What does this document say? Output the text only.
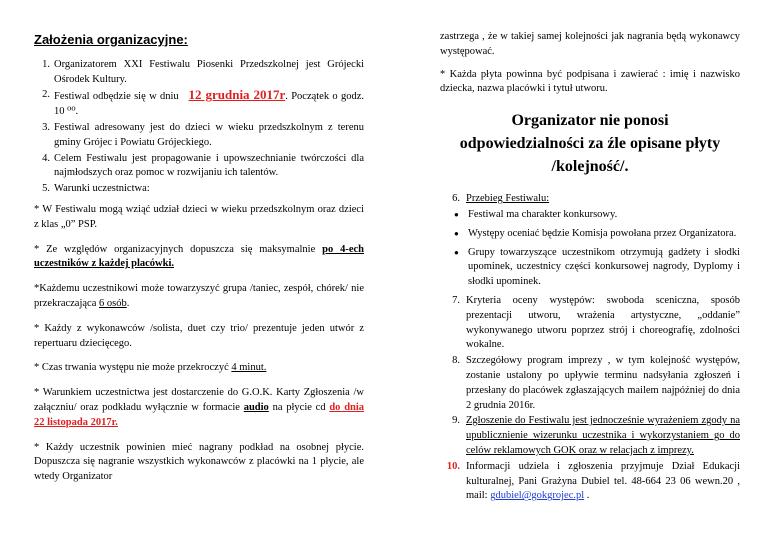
Założenia organizacyjne:
1. Organizatorem XXI Festiwalu Piosenki Przedszkolnej jest Grójecki Ośrodek Kultury.
2. Festiwal odbędzie się w dniu 12 grudnia 2017r. Początek o godz. 10 ⁰⁰.
3. Festiwal adresowany jest do dzieci w wieku przedszkolnym z terenu gminy Grójec i Powiatu Grójeckiego.
4. Celem Festiwalu jest propagowanie i upowszechnianie twórczości dla najmłodszych oraz pomoc w rozwijaniu ich talentów.
5. Warunki uczestnictwa:
* W Festiwalu mogą wziąć udział dzieci w wieku przedszkolnym oraz dzieci z klas „0” PSP.
* Ze względów organizacyjnych dopuszcza się maksymalnie po 4-ech uczestników z każdej placówki.
*Każdemu uczestnikowi może towarzyszyć grupa /taniec, zespół, chórek/ nie przekraczająca 6 osób.
* Każdy z wykonawców /solista, duet czy trio/ prezentuje jeden utwór z repertuaru dziecięcego.
* Czas trwania występu nie może przekroczyć 4 minut.
* Warunkiem uczestnictwa jest dostarczenie do G.O.K. Karty Zgłoszenia /w załączniu/ oraz podkładu wyłącznie w formacie audio na płycie cd do dnia 22 listopada 2017r.
* Każdy uczestnik powinien mieć nagrany podkład na osobnej płycie. Dopuszcza się nagranie wszystkich wykonawców z placówki na 1 płycie, ale wtedy Organizator
zastrzega , że w takiej samej kolejności jak nagrania będą wykonawcy występować.
* Każda płyta powinna być podpisana i zawierać : imię i nazwisko dziecka, nazwa placówki i tytuł utworu.
Organizator nie ponosi
odpowiedzialności za źle opisane płyty
/kolejność/.
6. Przebieg Festiwalu:
● Festiwal ma charakter konkursowy.
● Występy oceniać będzie Komisja powołana przez Organizatora.
● Grupy towarzyszące uczestnikom otrzymują gadżety i słodki upominek, uczestnicy części konkursowej nagrody, Dyplomy i słodki upominek.
7. Kryteria oceny występów: swoboda sceniczna, sposób prezentacji utworu, wrażenia artystyczne, „oddanie” wykonywanego utworu poprzez strój i choreografię, zdolności wokalne.
8. Szczegółowy program imprezy , w tym kolejność występów, zostanie ustalony po upływie terminu nadsyłania zgłoszeń i przesłany do placówek zgłaszających mailem najpóźniej do dnia 2 grudnia 2016r.
9. Zgłoszenie do Festiwalu jest jednocześnie wyrażeniem zgody na upublicznienie wizerunku uczestnika i wykorzystaniem go do celów reklamowych GOK oraz w relacjach z imprezy.
10. Informacji udziela i zgłoszenia przyjmuje Dział Edukacji kulturalnej, Pani Grażyna Dubiel tel. 48-664 23 06 wewn.20 , mail: gdubiel@gokgrojec.pl .
